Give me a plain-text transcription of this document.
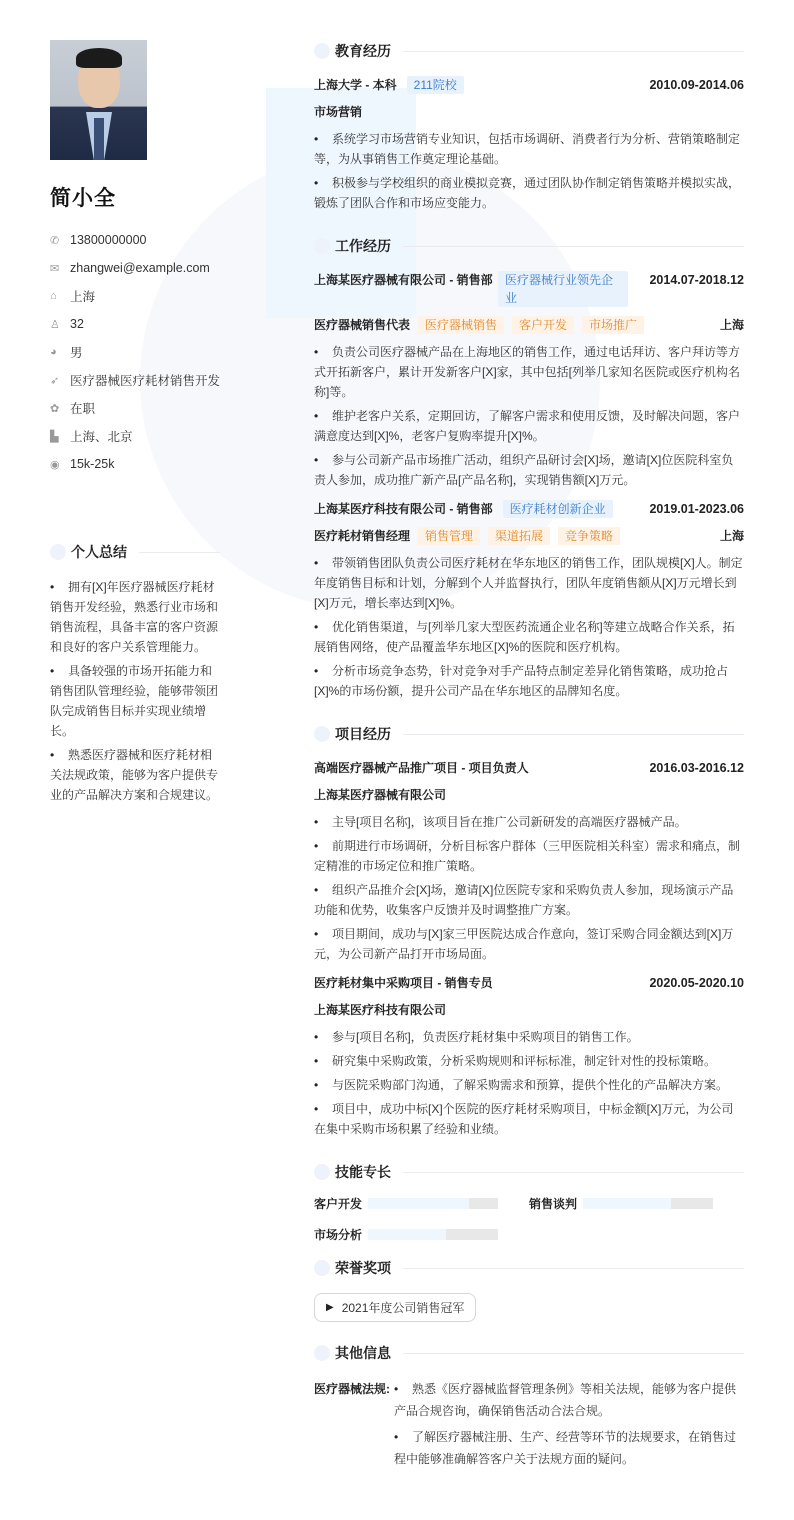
简小全
✆ 13800000000
✉ zhangwei@example.com
⌂	上海
♙ 32
◕	男
➶ 医疗器械医疗耗材销售开发
✿ 在职
▙ 上海、北京
◉ 15k-25k
个人总结
• 拥有[X]年医疗器械医疗耗材销售开发经验，熟悉行业市场和销售流程，具备丰富的客户资源和良好的客户关系管理能力。
• 具备较强的市场开拓能力和销售团队管理经验，能够带领团队完成销售目标并实现业绩增长。
• 熟悉医疗器械和医疗耗材相关法规政策，能够为客户提供专业的产品解决方案和合规建议。
教育经历
上海大学 - 本科	211院校	2010.09-2014.06
市场营销
• 系统学习市场营销专业知识，包括市场调研、消费者行为分析、营销策略制定等，为从事销售工作奠定理论基础。
• 积极参与学校组织的商业模拟竞赛，通过团队协作制定销售策略并模拟实战，锻炼了团队合作和市场应变能力。
工作经历
上海某医疗器械有限公司 - 销售部	医疗器械行业领先企业
2014.07-2018.12
医疗器械销售代表 医疗器械销售 客户开发 市场推广	上海
• 负责公司医疗器械产品在上海地区的销售工作，通过电话拜访、客户拜访等方式开拓新客户，累计开发新客户[X]家，其中包括[列举几家知名医院或医疗机构名称]等。
• 维护老客户关系，定期回访，了解客户需求和使用反馈，及时解决问题，客户满意度达到[X]%，老客户复购率提升[X]%。
• 参与公司新产品市场推广活动，组织产品研讨会[X]场，邀请[X]位医院科室负责人参加，成功推广新产品[产品名称]，实现销售额[X]万元。
上海某医疗科技有限公司 - 销售部	医疗耗材创新企业	2019.01-2023.06
医疗耗材销售经理 销售管理 渠道拓展 竞争策略	上海
• 带领销售团队负责公司医疗耗材在华东地区的销售工作，团队规模[X]人。制定年度销售目标和计划，分解到个人并监督执行，团队年度销售额从[X]万元增长到[X]万元，增长率达到[X]%。
• 优化销售渠道，与[列举几家大型医药流通企业名称]等建立战略合作关系，拓展销售网络，使产品覆盖华东地区[X]%的医院和医疗机构。
• 分析市场竞争态势，针对竞争对手产品特点制定差异化销售策略，成功抢占[X]%的市场份额，提升公司产品在华东地区的品牌知名度。
项目经历
高端医疗器械产品推广项目 - 项目负责人	2016.03-2016.12
上海某医疗器械有限公司
• 主导[项目名称]，该项目旨在推广公司新研发的高端医疗器械产品。
• 前期进行市场调研，分析目标客户群体（三甲医院相关科室）需求和痛点，制定精准的市场定位和推广策略。
• 组织产品推介会[X]场，邀请[X]位医院专家和采购负责人参加，现场演示产品功能和优势，收集客户反馈并及时调整推广方案。
• 项目期间，成功与[X]家三甲医院达成合作意向，签订采购合同金额达到[X]万元，为公司新产品打开市场局面。
医疗耗材集中采购项目 - 销售专员	2020.05-2020.10
上海某医疗科技有限公司
• 参与[项目名称]，负责医疗耗材集中采购项目的销售工作。
• 研究集中采购政策，分析采购规则和评标标准，制定针对性的投标策略。
• 与医院采购部门沟通，了解采购需求和预算，提供个性化的产品解决方案。
• 项目中，成功中标[X]个医院的医疗耗材采购项目，中标金额[X]万元，为公司在集中采购市场积累了经验和业绩。
技能专长
客户开发	销售谈判
市场分析
荣誉奖项
▶ 2021年度公司销售冠军
其他信息
医疗器械法规:	• 熟悉《医疗器械监督管理条例》等相关法规，能够为客户提供产品合规咨询，确保销售活动合法合规。
• 了解医疗器械注册、生产、经营等环节的法规要求，在销售过程中能够准确解答客户关于法规方面的疑问。
